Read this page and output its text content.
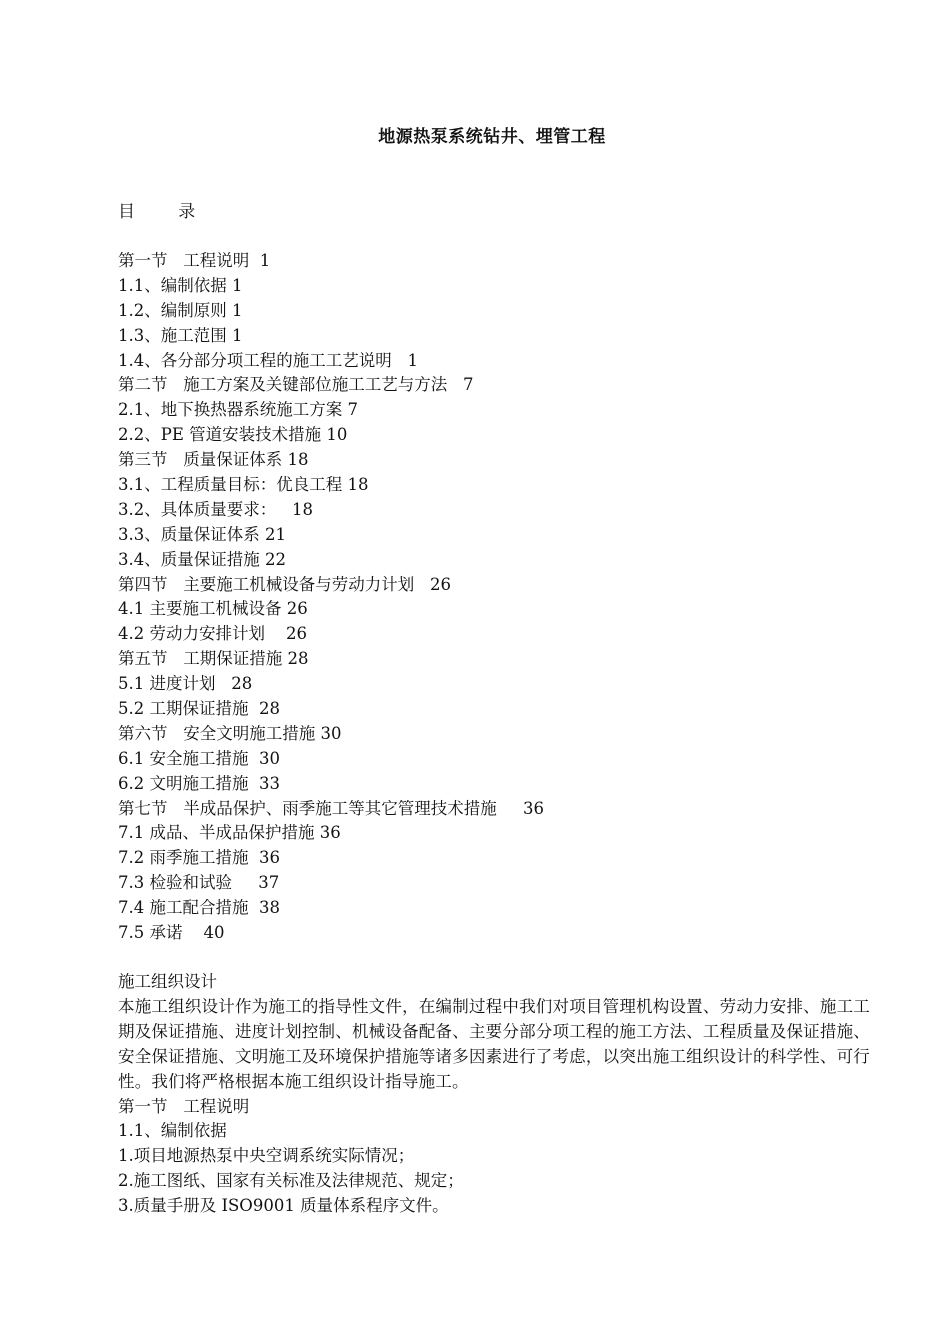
地源热泵系统钻井、埋管工程
目        录
第一节   工程说明  1
1.1、编制依据 1
1.2、编制原则 1
1.3、施工范围 1
1.4、各分部分项工程的施工工艺说明   1
第二节   施工方案及关键部位施工工艺与方法   7
2.1、地下换热器系统施工方案 7
2.2、PE 管道安装技术措施 10
第三节   质量保证体系 18
3.1、工程质量目标：优良工程 18
3.2、具体质量要求：   18
3.3、质量保证体系 21
3.4、质量保证措施 22
第四节   主要施工机械设备与劳动力计划   26
4.1 主要施工机械设备 26
4.2 劳动力安排计划    26
第五节   工期保证措施 28
5.1 进度计划   28
5.2 工期保证措施  28
第六节   安全文明施工措施 30
6.1 安全施工措施  30
6.2 文明施工措施  33
第七节   半成品保护、雨季施工等其它管理技术措施     36
7.1 成品、半成品保护措施 36
7.2 雨季施工措施  36
7.3 检验和试验     37
7.4 施工配合措施  38
7.5 承诺    40
施工组织设计
本施工组织设计作为施工的指导性文件，在编制过程中我们对项目管理机构设置、劳动力安排、施工工期及保证措施、进度计划控制、机械设备配备、主要分部分项工程的施工方法、工程质量及保证措施、安全保证措施、文明施工及环境保护措施等诸多因素进行了考虑，以突出施工组织设计的科学性、可行性。我们将严格根据本施工组织设计指导施工。
第一节   工程说明
1.1、编制依据
1.项目地源热泵中央空调系统实际情况；
2.施工图纸、国家有关标准及法律规范、规定；
3.质量手册及 ISO9001 质量体系程序文件。
